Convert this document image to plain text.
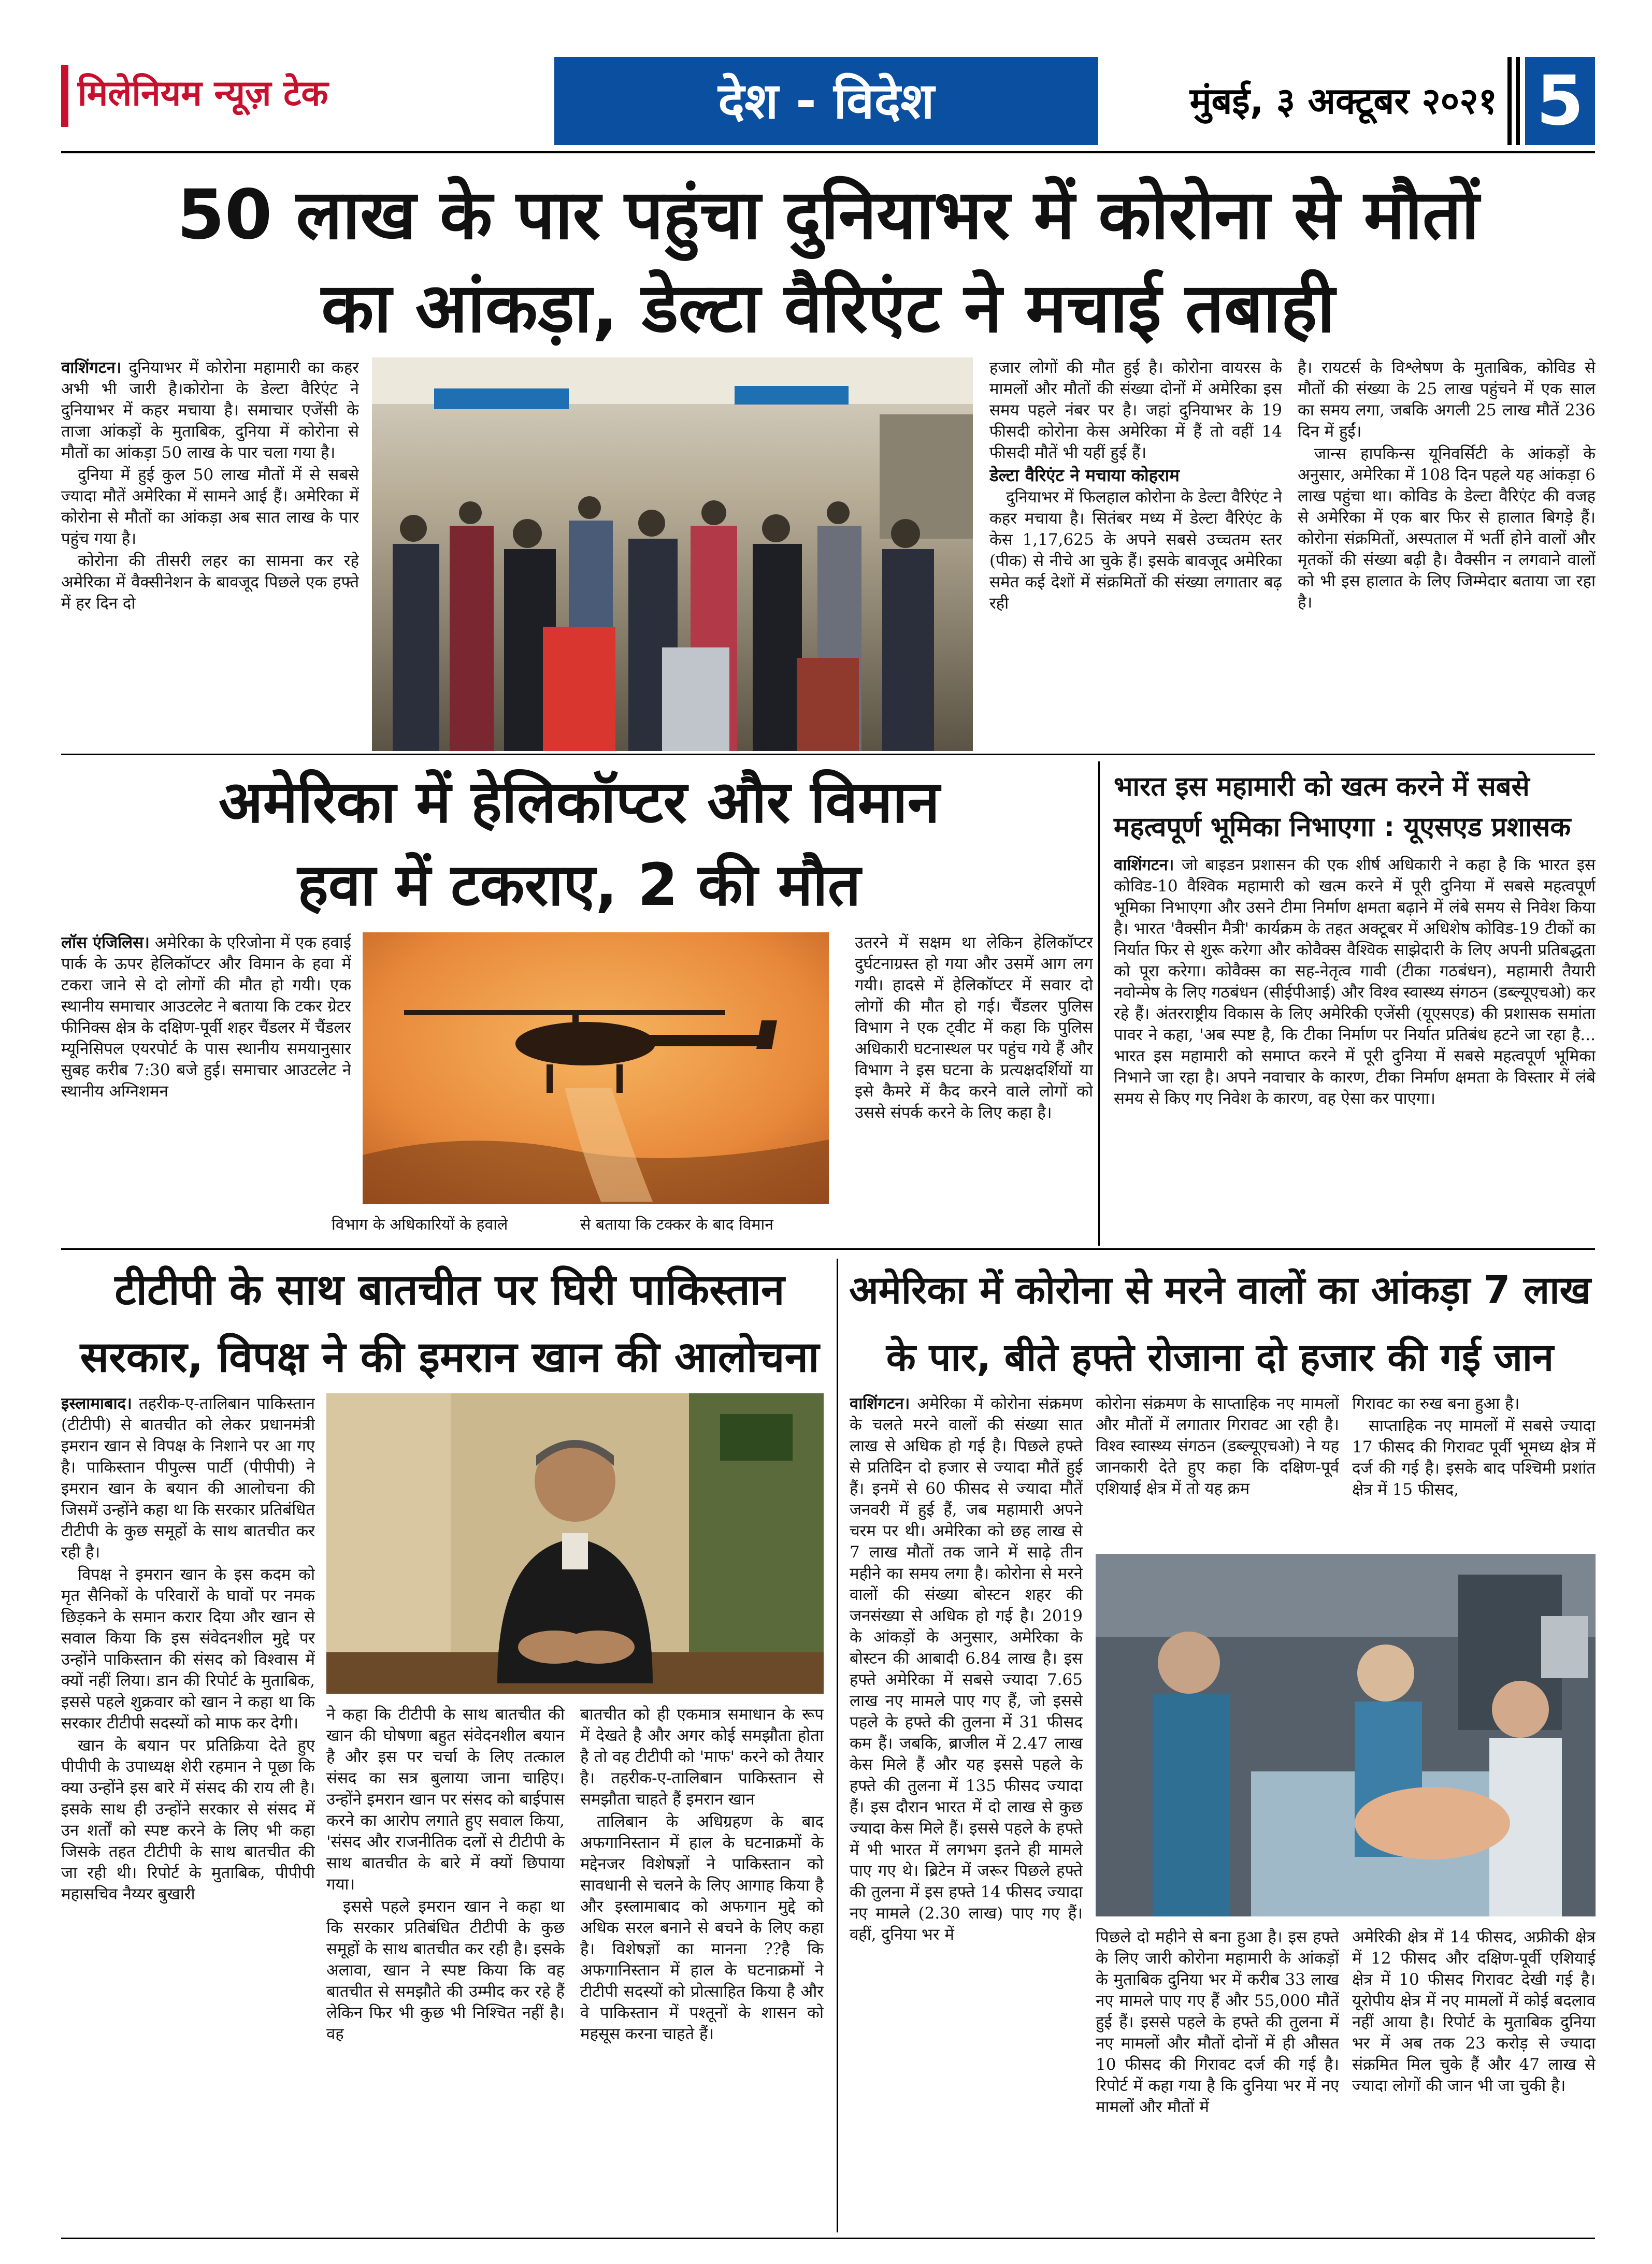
मिलेनियम न्यूज़ टेक	देश - विदेश	मुंबई, ३ अक्टूबर २०२१ 5
50 लाख के पार पहुंचा दुनियाभर में कोरोना से मौतों
का आंकड़ा, डेल्टा वैरिएंट ने मचाई तबाही

वाशिंगटन। दुनियाभर में कोरोना महामारी का कहर अभी भी जारी है।कोरोना के डेल्टा वैरिएंट ने दुनियाभर में कहर मचाया है। समाचार एजेंसी के ताजा आंकड़ों के मुताबिक, दुनिया में कोरोना से मौतों का आंकड़ा 50 लाख के पार चला गया है।

दुनिया में हुई कुल 50 लाख मौतों में से सबसे ज्यादा मौतें अमेरिका में सामने आई हैं। अमेरिका में कोरोना से मौतों का आंकड़ा अब सात लाख के पार पहुंच गया है।

कोरोना की तीसरी लहर का सामना कर रहे अमेरिका में वैक्सीनेशन के बावजूद पिछले एक हफ्ते में हर दिन दो

हजार लोगों की मौत हुई है। कोरोना वायरस के मामलों और मौतों की संख्या दोनों में अमेरिका इस समय पहले नंबर पर है। जहां दुनियाभर के 19 फीसदी कोरोना केस अमेरिका में हैं तो वहीं 14 फीसदी मौतें भी यहीं हुई हैं।

डेल्टा वैरिएंट ने मचाया कोहराम

दुनियाभर में फिलहाल कोरोना के डेल्टा वैरिएंट ने कहर मचाया है। सितंबर मध्य में डेल्टा वैरिएंट के केस 1,17,625 के अपने सबसे उच्चतम स्तर (पीक) से नीचे आ चुके हैं। इसके बावजूद अमेरिका समेत कई देशों में संक्रमितों की संख्या लगातार बढ़ रही

है। रायटर्स के विश्लेषण के मुताबिक, कोविड से मौतों की संख्या के 25 लाख पहुंचने में एक साल का समय लगा, जबकि अगली 25 लाख मौतें 236 दिन में हुईं।

जान्स हापकिन्स यूनिवर्सिटी के आंकड़ों के अनुसार, अमेरिका में 108 दिन पहले यह आंकड़ा 6 लाख पहुंचा था। कोविड के डेल्टा वैरिएंट की वजह से अमेरिका में एक बार फिर से हालात बिगड़े हैं। कोरोना संक्रमितों, अस्पताल में भर्ती होने वालों और मृतकों की संख्या बढ़ी है। वैक्सीन न लगवाने वालों को भी इस हालात के लिए जिम्मेदार बताया जा रहा है।

अमेरिका में हेलिकॉप्टर और विमान
हवा में टकराए, 2 की मौत

लॉस एंजिलिस। अमेरिका के एरिजोना में एक हवाई पार्क के ऊपर हेलिकॉप्टर और विमान के हवा में टकरा जाने से दो लोगों की मौत हो गयी। एक स्थानीय समाचार आउटलेट ने बताया कि टकर ग्रेटर फीनिक्स क्षेत्र के दक्षिण-पूर्वी शहर चैंडलर में चैंडलर म्यूनिसिपल एयरपोर्ट के पास स्थानीय समयानुसार सुबह करीब 7:30 बजे हुई। समाचार आउटलेट ने स्थानीय अग्निशमन

विभाग के अधिकारियों के हवाले	से बताया कि टक्कर के बाद विमान

उतरने में सक्षम था लेकिन हेलिकॉप्टर दुर्घटनाग्रस्त हो गया और उसमें आग लग गयी। हादसे में हेलिकॉप्टर में सवार दो लोगों की मौत हो गई। चैंडलर पुलिस विभाग ने एक ट्वीट में कहा कि पुलिस अधिकारी घटनास्थल पर पहुंच गये हैं और विभाग ने इस घटना के प्रत्यक्षदर्शियों या इसे कैमरे में कैद करने वाले लोगों को उससे संपर्क करने के लिए कहा है।

भारत इस महामारी को खत्म करने में सबसे
महत्वपूर्ण भूमिका निभाएगा : यूएसएड प्रशासक

वाशिंगटन। जो बाइडन प्रशासन की एक शीर्ष अधिकारी ने कहा है कि भारत इस कोविड-10 वैश्विक महामारी को खत्म करने में पूरी दुनिया में सबसे महत्वपूर्ण भूमिका निभाएगा और उसने टीमा निर्माण क्षमता बढ़ाने में लंबे समय से निवेश किया है। भारत 'वैक्सीन मैत्री' कार्यक्रम के तहत अक्टूबर में अधिशेष कोविड-19 टीकों का निर्यात फिर से शुरू करेगा और कोवैक्स वैश्विक साझेदारी के लिए अपनी प्रतिबद्धता को पूरा करेगा। कोवैक्स का सह-नेतृत्व गावी (टीका गठबंधन), महामारी तैयारी नवोन्मेष के लिए गठबंधन (सीईपीआई) और विश्व स्वास्थ्य संगठन (डब्ल्यूएचओ) कर रहे हैं। अंतरराष्ट्रीय विकास के लिए अमेरिकी एजेंसी (यूएसएड) की प्रशासक समांता पावर ने कहा, 'अब स्पष्ट है, कि टीका निर्माण पर निर्यात प्रतिबंध हटने जा रहा है... भारत इस महामारी को समाप्त करने में पूरी दुनिया में सबसे महत्वपूर्ण भूमिका निभाने जा रहा है। अपने नवाचार के कारण, टीका निर्माण क्षमता के विस्तार में लंबे समय से किए गए निवेश के कारण, वह ऐसा कर पाएगा।

टीटीपी के साथ बातचीत पर घिरी पाकिस्तान
सरकार, विपक्ष ने की इमरान खान की आलोचना

इस्लामाबाद। तहरीक-ए-तालिबान पाकिस्तान (टीटीपी) से बातचीत को लेकर प्रधानमंत्री इमरान खान से विपक्ष के निशाने पर आ गए है। पाकिस्तान पीपुल्स पार्टी (पीपीपी) ने इमरान खान के बयान की आलोचना की जिसमें उन्होंने कहा था कि सरकार प्रतिबंधित टीटीपी के कुछ समूहों के साथ बातचीत कर रही है।

विपक्ष ने इमरान खान के इस कदम को मृत सैनिकों के परिवारों के घावों पर नमक छिड़कने के समान करार दिया और खान से सवाल किया कि इस संवेदनशील मुद्दे पर उन्होंने पाकिस्तान की संसद को विश्वास में क्यों नहीं लिया। डान की रिपोर्ट के मुताबिक, इससे पहले शुक्रवार को खान ने कहा था कि सरकार टीटीपी सदस्यों को माफ कर देगी।

खान के बयान पर प्रतिक्रिया देते हुए पीपीपी के उपाध्यक्ष शेरी रहमान ने पूछा कि क्या उन्होंने इस बारे में संसद की राय ली है। इसके साथ ही उन्होंने सरकार से संसद में उन शर्तों को स्पष्ट करने के लिए भी कहा जिसके तहत टीटीपी के साथ बातचीत की जा रही थी। रिपोर्ट के मुताबिक, पीपीपी महासचिव नैय्यर बुखारी

ने कहा कि टीटीपी के साथ बातचीत की खान की घोषणा बहुत संवेदनशील बयान है और इस पर चर्चा के लिए तत्काल संसद का सत्र बुलाया जाना चाहिए। उन्होंने इमरान खान पर संसद को बाईपास करने का आरोप लगाते हुए सवाल किया, 'संसद और राजनीतिक दलों से टीटीपी के साथ बातचीत के बारे में क्यों छिपाया गया।

इससे पहले इमरान खान ने कहा था कि सरकार प्रतिबंधित टीटीपी के कुछ समूहों के साथ बातचीत कर रही है। इसके अलावा, खान ने स्पष्ट किया कि वह बातचीत से समझौते की उम्मीद कर रहे हैं लेकिन फिर भी कुछ भी निश्चित नहीं है। वह

बातचीत को ही एकमात्र समाधान के रूप में देखते है और अगर कोई समझौता होता है तो वह टीटीपी को 'माफ' करने को तैयार है। तहरीक-ए-तालिबान पाकिस्तान से समझौता चाहते हैं इमरान खान

तालिबान के अधिग्रहण के बाद अफगानिस्तान में हाल के घटनाक्रमों के मद्देनजर विशेषज्ञों ने पाकिस्तान को सावधानी से चलने के लिए आगाह किया है और इस्लामाबाद को अफगान मुद्दे को अधिक सरल बनाने से बचने के लिए कहा है। विशेषज्ञों का मानना ??है कि अफगानिस्तान में हाल के घटनाक्रमों ने टीटीपी सदस्यों को प्रोत्साहित किया है और वे पाकिस्तान में पश्तूनों के शासन को महसूस करना चाहते हैं।

अमेरिका में कोरोना से मरने वालों का आंकड़ा 7 लाख
के पार, बीते हफ्ते रोजाना दो हजार की गई जान

वाशिंगटन। अमेरिका में कोरोना संक्रमण के चलते मरने वालों की संख्या सात लाख से अधिक हो गई है। पिछले हफ्ते से प्रतिदिन दो हजार से ज्यादा मौतें हुई हैं। इनमें से 60 फीसद से ज्यादा मौतें जनवरी में हुई हैं, जब महामारी अपने चरम पर थी। अमेरिका को छह लाख से 7 लाख मौतों तक जाने में साढ़े तीन महीने का समय लगा है। कोरोना से मरने वालों की संख्या बोस्टन शहर की जनसंख्या से अधिक हो गई है। 2019 के आंकड़ों के अनुसार, अमेरिका के बोस्टन की आबादी 6.84 लाख है। इस हफ्ते अमेरिका में सबसे ज्यादा 7.65 लाख नए मामले पाए गए हैं, जो इससे पहले के हफ्ते की तुलना में 31 फीसद कम हैं। जबकि, ब्राजील में 2.47 लाख केस मिले हैं और यह इससे पहले के हफ्ते की तुलना में 135 फीसद ज्यादा हैं। इस दौरान भारत में दो लाख से कुछ ज्यादा केस मिले हैं। इससे पहले के हफ्ते में भी भारत में लगभग इतने ही मामले पाए गए थे। ब्रिटेन में जरूर पिछले हफ्ते की तुलना में इस हफ्ते 14 फीसद ज्यादा नए मामले (2.30 लाख) पाए गए हैं। वहीं, दुनिया भर में

कोरोना संक्रमण के साप्ताहिक नए मामलों और मौतों में लगातार गिरावट आ रही है। विश्व स्वास्थ्य संगठन (डब्ल्यूएचओ) ने यह जानकारी देते हुए कहा कि दक्षिण-पूर्व एशियाई क्षेत्र में तो यह क्रम

गिरावट का रुख बना हुआ है।

साप्ताहिक नए मामलों में सबसे ज्यादा 17 फीसद की गिरावट पूर्वी भूमध्य क्षेत्र में दर्ज की गई है। इसके बाद पश्चिमी प्रशांत क्षेत्र में 15 फीसद,

पिछले दो महीने से बना हुआ है। इस हफ्ते के लिए जारी कोरोना महामारी के आंकड़ों के मुताबिक दुनिया भर में करीब 33 लाख नए मामले पाए गए हैं और 55,000 मौतें हुई हैं। इससे पहले के हफ्ते की तुलना में नए मामलों और मौतों दोनों में ही औसत 10 फीसद की गिरावट दर्ज की गई है। रिपोर्ट में कहा गया है कि दुनिया भर में नए मामलों और मौतों में

अमेरिकी क्षेत्र में 14 फीसद, अफ्रीकी क्षेत्र में 12 फीसद और दक्षिण-पूर्वी एशियाई क्षेत्र में 10 फीसद गिरावट देखी गई है। यूरोपीय क्षेत्र में नए मामलों में कोई बदलाव नहीं आया है। रिपोर्ट के मुताबिक दुनिया भर में अब तक 23 करोड़ से ज्यादा संक्रमित मिल चुके हैं और 47 लाख से ज्यादा लोगों की जान भी जा चुकी है।
